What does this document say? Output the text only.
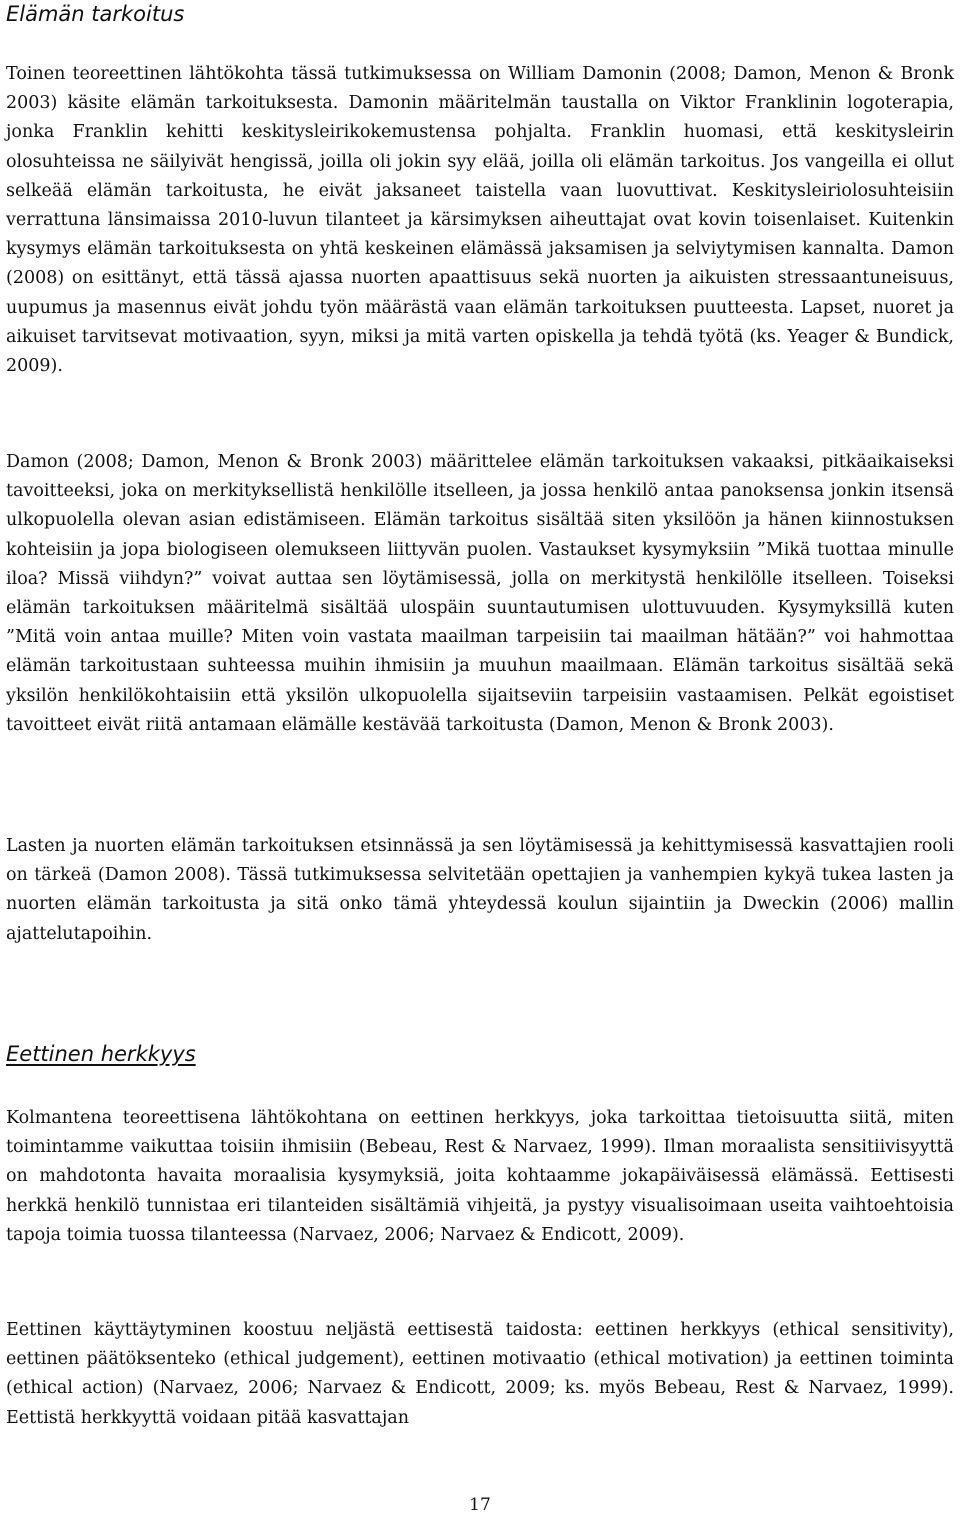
Elämän tarkoitus

Toinen teoreettinen lähtökohta tässä tutkimuksessa on William Damonin (2008; Damon, Menon & Bronk 2003) käsite elämän tarkoituksesta. Damonin määritelmän taustalla on Viktor Franklinin logoterapia, jonka Franklin kehitti keskitysleirikokemustensa pohjalta. Franklin huomasi, että keskitysleirin olosuhteissa ne säilyivät hengissä, joilla oli jokin syy elää, joilla oli elämän tarkoitus. Jos vangeilla ei ollut selkeää elämän tarkoitusta, he eivät jaksaneet taistella vaan luovuttivat. Keskitysleiriolosuhteisiin verrattuna länsimaissa 2010-luvun tilanteet ja kärsimyksen aiheuttajat ovat kovin toisenlaiset. Kuitenkin kysymys elämän tarkoituksesta on yhtä keskeinen elämässä jaksamisen ja selviytymisen kannalta. Damon (2008) on esittänyt, että tässä ajassa nuorten apaattisuus sekä nuorten ja aikuisten stressaantuneisuus, uupumus ja masennus eivät johdu työn määrästä vaan elämän tarkoituksen puutteesta. Lapset, nuoret ja aikuiset tarvitsevat motivaation, syyn, miksi ja mitä varten opiskella ja tehdä työtä (ks. Yeager & Bundick, 2009).

Damon (2008; Damon, Menon & Bronk 2003) määrittelee elämän tarkoituksen vakaaksi, pitkäaikaiseksi tavoitteeksi, joka on merkityksellistä henkilölle itselleen, ja jossa henkilö antaa panoksensa jonkin itsensä ulkopuolella olevan asian edistämiseen. Elämän tarkoitus sisältää siten yksilöön ja hänen kiinnostuksen kohteisiin ja jopa biologiseen olemukseen liittyvän puolen. Vastaukset kysymyksiin ”Mikä tuottaa minulle iloa? Missä viihdyn?” voivat auttaa sen löytämisessä, jolla on merkitystä henkilölle itselleen. Toiseksi elämän tarkoituksen määritelmä sisältää ulospäin suuntautumisen ulottuvuuden. Kysymyksillä kuten ”Mitä voin antaa muille? Miten voin vastata maailman tarpeisiin tai maailman hätään?” voi hahmottaa elämän tarkoitustaan suhteessa muihin ihmisiin ja muuhun maailmaan. Elämän tarkoitus sisältää sekä yksilön henkilökohtaisiin että yksilön ulkopuolella sijaitseviin tarpeisiin vastaamisen. Pelkät egoistiset tavoitteet eivät riitä antamaan elämälle kestävää tarkoitusta (Damon, Menon & Bronk 2003).

Lasten ja nuorten elämän tarkoituksen etsinnässä ja sen löytämisessä ja kehittymisessä kasvattajien rooli on tärkeä (Damon 2008). Tässä tutkimuksessa selvitetään opettajien ja vanhempien kykyä tukea lasten ja nuorten elämän tarkoitusta ja sitä onko tämä yhteydessä koulun sijaintiin ja Dweckin (2006) mallin ajattelutapoihin.

Eettinen herkkyys

Kolmantena teoreettisena lähtökohtana on eettinen herkkyys, joka tarkoittaa tietoisuutta siitä, miten toimintamme vaikuttaa toisiin ihmisiin (Bebeau, Rest & Narvaez, 1999). Ilman moraalista sensitiivisyyttä on mahdotonta havaita moraalisia kysymyksiä, joita kohtaamme jokapäiväisessä elämässä. Eettisesti herkkä henkilö tunnistaa eri tilanteiden sisältämiä vihjeitä, ja pystyy visualisoimaan useita vaihtoehtoisia tapoja toimia tuossa tilanteessa (Narvaez, 2006; Narvaez & Endicott, 2009).

Eettinen käyttäytyminen koostuu neljästä eettisestä taidosta: eettinen herkkyys (ethical sensitivity), eettinen päätöksenteko (ethical judgement), eettinen motivaatio (ethical motivation) ja eettinen toiminta (ethical action) (Narvaez, 2006; Narvaez & Endicott, 2009; ks. myös Bebeau, Rest & Narvaez, 1999). Eettistä herkkyyttä voidaan pitää kasvattajan

17
